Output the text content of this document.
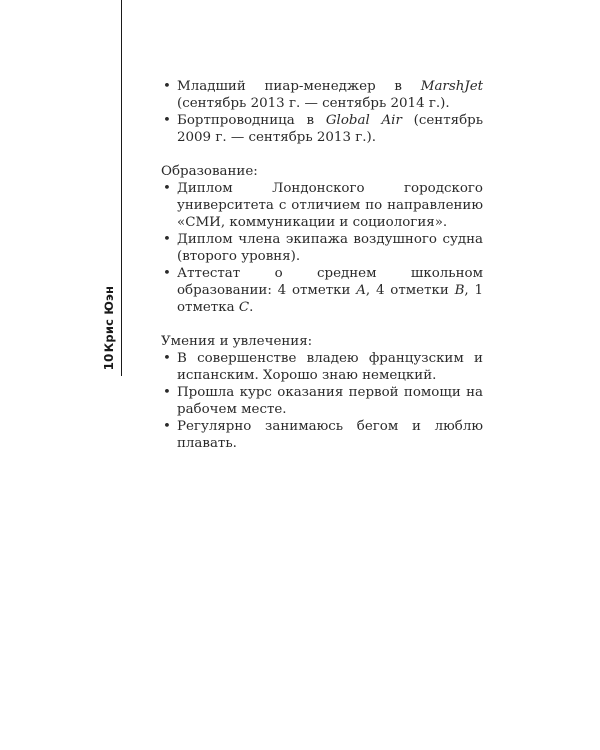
Крис Юэн
10
• Младший пиар-менеджер в MarshJet (сентябрь 2013 г. — сентябрь 2014 г.).
• Бортпроводница в Global Air (сентябрь 2009 г. — сентябрь 2013 г.).
Образование:
• Диплом Лондонского городского университета с отличием по направлению «СМИ, коммуникации и социология».
• Диплом члена экипажа воздушного судна (второго уровня).
• Аттестат о среднем школьном образовании: 4 отметки A, 4 отметки B, 1 отметка C.
Умения и увлечения:
• В совершенстве владею французским и испанским. Хорошо знаю немецкий.
• Прошла курс оказания первой помощи на рабочем месте.
• Регулярно занимаюсь бегом и люблю плавать.
